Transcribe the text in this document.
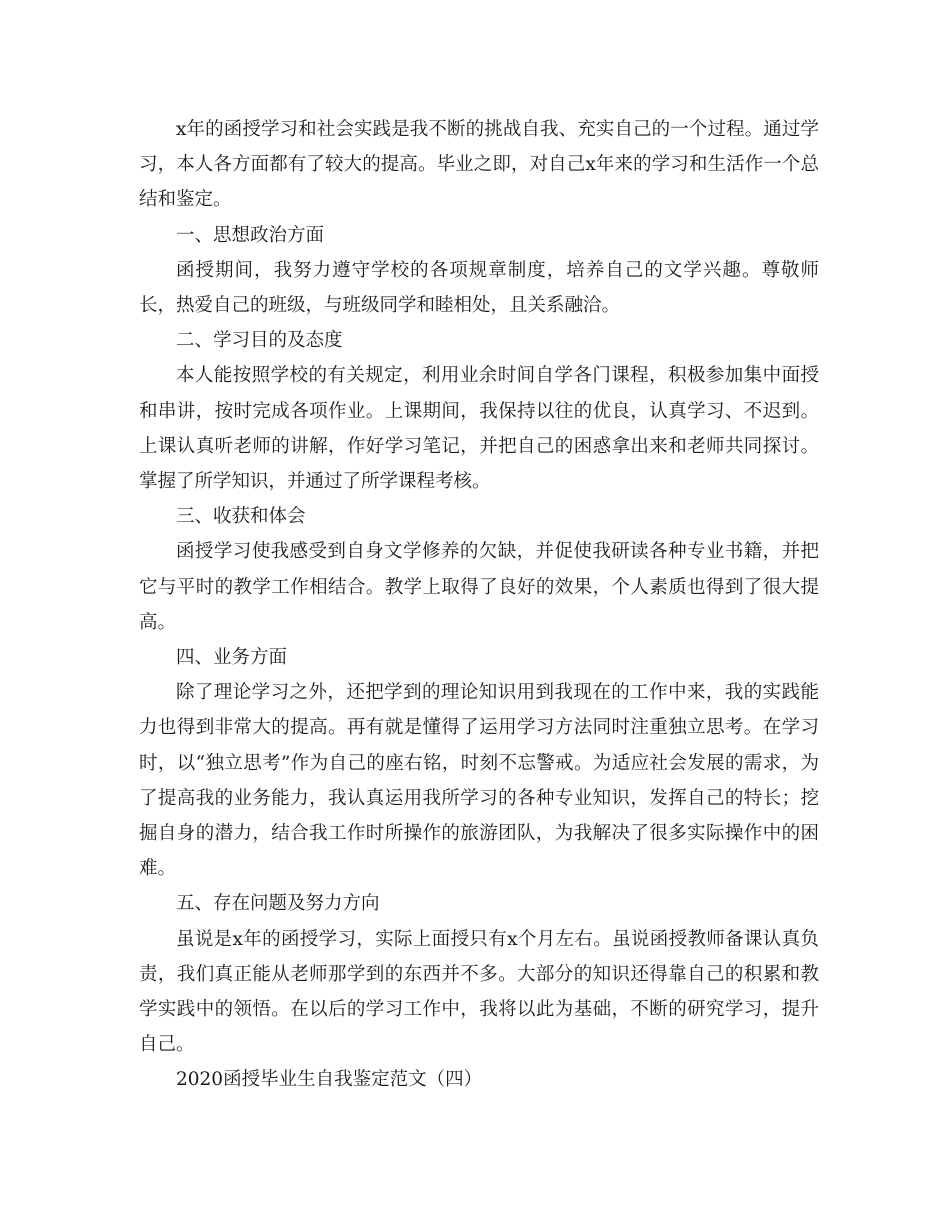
x年的函授学习和社会实践是我不断的挑战自我、充实自己的一个过程。通过学习，本人各方面都有了较大的提高。毕业之即，对自己x年来的学习和生活作一个总结和鉴定。

一、思想政治方面

函授期间，我努力遵守学校的各项规章制度，培养自己的文学兴趣。尊敬师长，热爱自己的班级，与班级同学和睦相处，且关系融洽。

二、学习目的及态度

本人能按照学校的有关规定，利用业余时间自学各门课程，积极参加集中面授和串讲，按时完成各项作业。上课期间，我保持以往的优良，认真学习、不迟到。上课认真听老师的讲解，作好学习笔记，并把自己的困惑拿出来和老师共同探讨。掌握了所学知识，并通过了所学课程考核。

三、收获和体会

函授学习使我感受到自身文学修养的欠缺，并促使我研读各种专业书籍，并把它与平时的教学工作相结合。教学上取得了良好的效果，个人素质也得到了很大提高。

四、业务方面

除了理论学习之外，还把学到的理论知识用到我现在的工作中来，我的实践能力也得到非常大的提高。再有就是懂得了运用学习方法同时注重独立思考。在学习时，以“独立思考”作为自己的座右铭，时刻不忘警戒。为适应社会发展的需求，为了提高我的业务能力，我认真运用我所学习的各种专业知识，发挥自己的特长；挖掘自身的潜力，结合我工作时所操作的旅游团队，为我解决了很多实际操作中的困难。

五、存在问题及努力方向

虽说是x年的函授学习，实际上面授只有x个月左右。虽说函授教师备课认真负责，我们真正能从老师那学到的东西并不多。大部分的知识还得靠自己的积累和教学实践中的领悟。在以后的学习工作中，我将以此为基础，不断的研究学习，提升自己。

2020函授毕业生自我鉴定范文（四）
